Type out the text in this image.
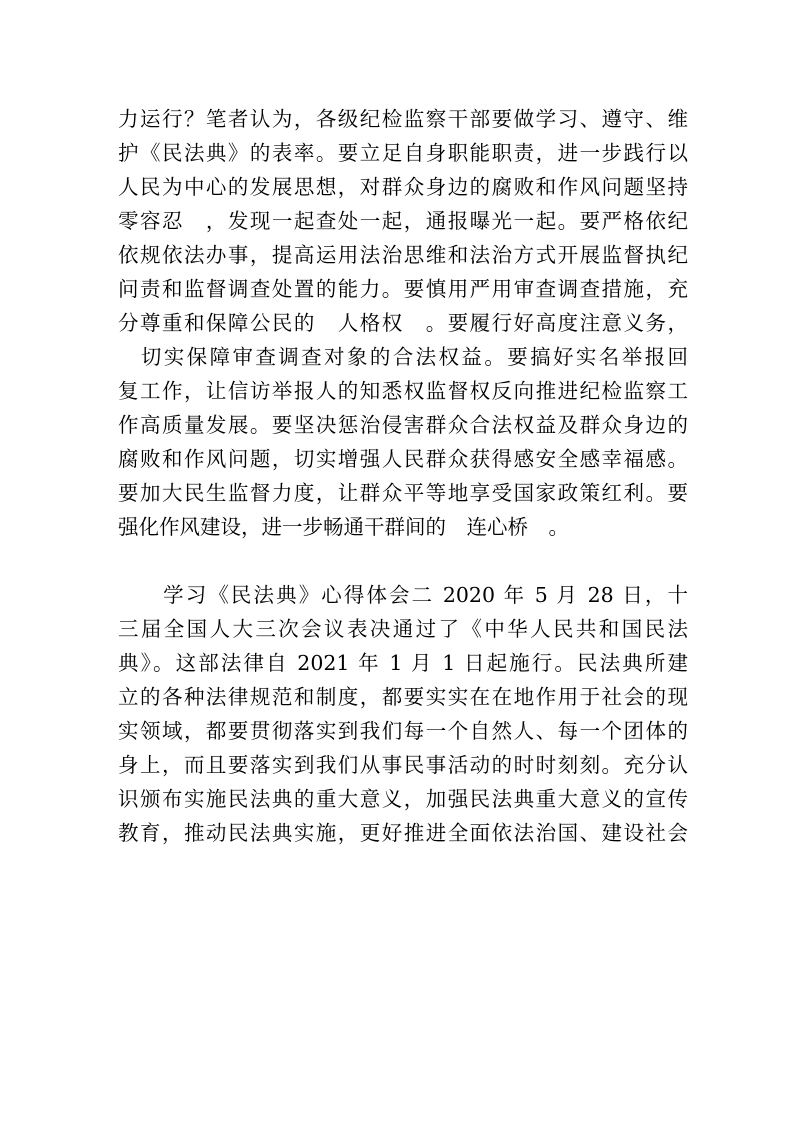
力运行？笔者认为，各级纪检监察干部要做学习、遵守、维
护《民法典》的表率。要立足自身职能职责，进一步践行以
人民为中心的发展思想，对群众身边的腐败和作风问题坚持
零容忍　，发现一起查处一起，通报曝光一起。要严格依纪
依规依法办事，提高运用法治思维和法治方式开展监督执纪
问责和监督调查处置的能力。要慎用严用审查调查措施，充
分尊重和保障公民的　人格权　。要履行好高度注意义务，
　切实保障审查调查对象的合法权益。要搞好实名举报回
复工作，让信访举报人的知悉权监督权反向推进纪检监察工
作高质量发展。要坚决惩治侵害群众合法权益及群众身边的
腐败和作风问题，切实增强人民群众获得感安全感幸福感。
要加大民生监督力度，让群众平等地享受国家政策红利。要
强化作风建设，进一步畅通干群间的　连心桥　。
　　学习《民法典》心得体会二 2020 年 5 月 28 日，十
三届全国人大三次会议表决通过了《中华人民共和国民法
典》。这部法律自 2021 年 1 月 1 日起施行。民法典所建
立的各种法律规范和制度，都要实实在在地作用于社会的现
实领域，都要贯彻落实到我们每一个自然人、每一个团体的
身上，而且要落实到我们从事民事活动的时时刻刻。充分认
识颁布实施民法典的重大意义，加强民法典重大意义的宣传
教育，推动民法典实施，更好推进全面依法治国、建设社会
